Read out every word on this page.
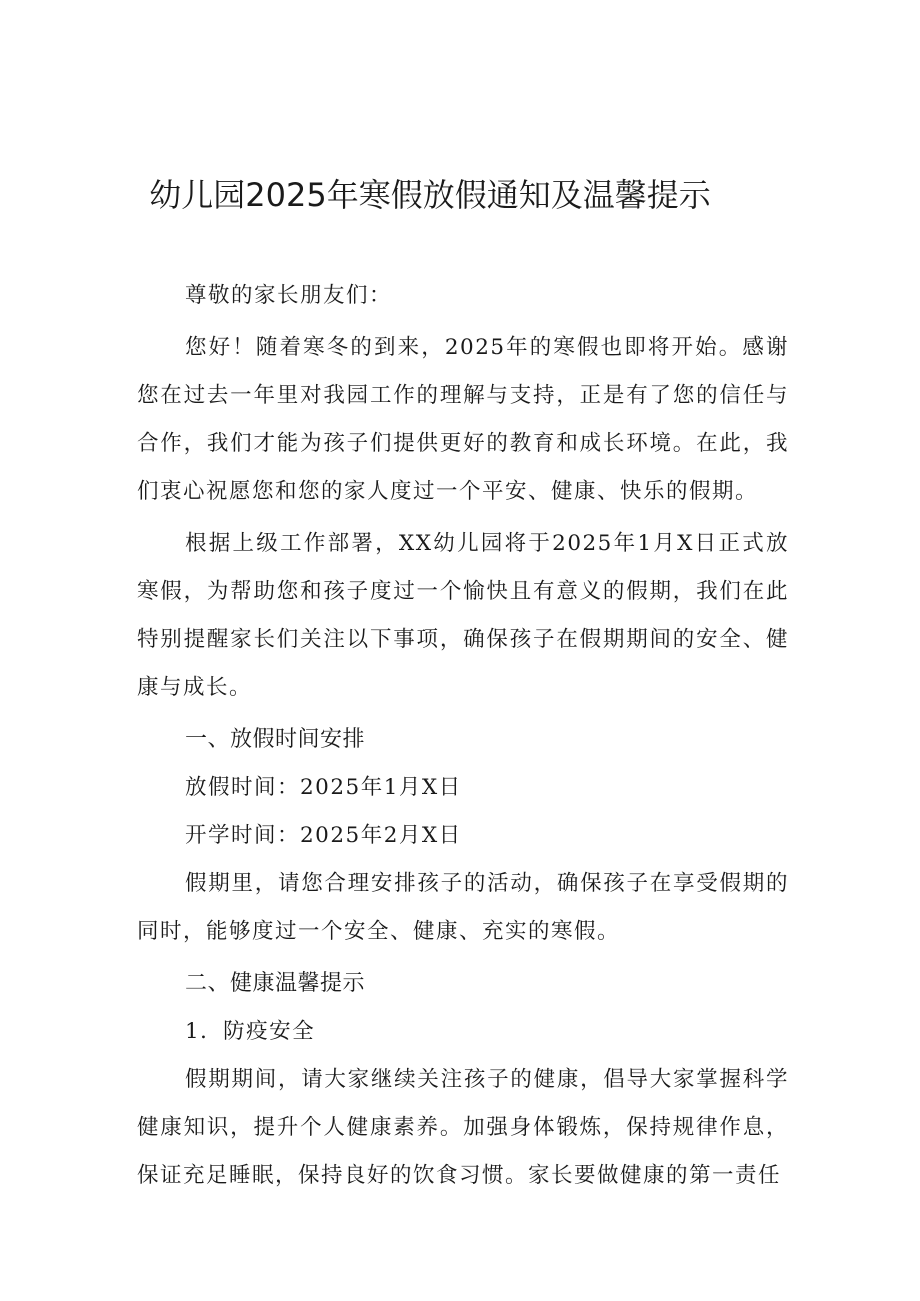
幼儿园2025年寒假放假通知及温馨提示

尊敬的家长朋友们：

您好！随着寒冬的到来，2025年的寒假也即将开始。感谢您在过去一年里对我园工作的理解与支持，正是有了您的信任与合作，我们才能为孩子们提供更好的教育和成长环境。在此，我们衷心祝愿您和您的家人度过一个平安、健康、快乐的假期。

根据上级工作部署，XX幼儿园将于2025年1月X日正式放寒假，为帮助您和孩子度过一个愉快且有意义的假期，我们在此特别提醒家长们关注以下事项，确保孩子在假期期间的安全、健康与成长。

一、放假时间安排

放假时间：2025年1月X日

开学时间：2025年2月X日

假期里，请您合理安排孩子的活动，确保孩子在享受假期的同时，能够度过一个安全、健康、充实的寒假。

二、健康温馨提示

1．防疫安全

假期期间，请大家继续关注孩子的健康，倡导大家掌握科学健康知识，提升个人健康素养。加强身体锻炼，保持规律作息，保证充足睡眠，保持良好的饮食习惯。家长要做健康的第一责任
